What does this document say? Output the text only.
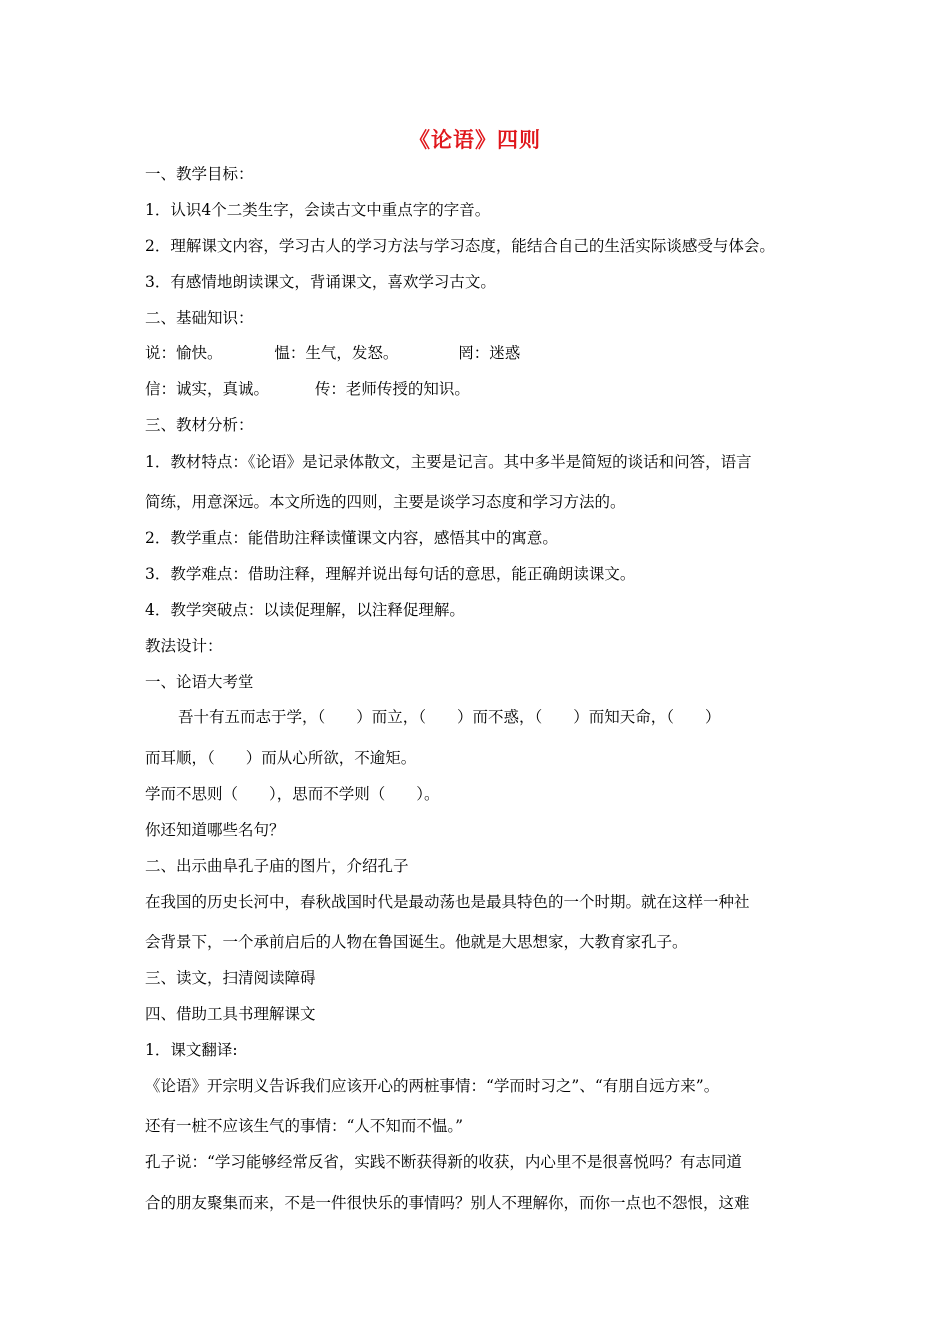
《论语》四则
一、教学目标：
1．认识4个二类生字，会读古文中重点字的字音。
2．理解课文内容，学习古人的学习方法与学习态度，能结合自己的生活实际谈感受与体会。
3．有感情地朗读课文，背诵课文，喜欢学习古文。
二、基础知识：
说：愉快。	愠：生气，发怒。	罔：迷惑
信：诚实，真诚。	传：老师传授的知识。
三、教材分析：
1．教材特点：《论语》是记录体散文，主要是记言。其中多半是简短的谈话和问答，语言
简练，用意深远。本文所选的四则，主要是谈学习态度和学习方法的。
2．教学重点：能借助注释读懂课文内容，感悟其中的寓意。
3．教学难点：借助注释，理解并说出每句话的意思，能正确朗读课文。
4．教学突破点：以读促理解，以注释促理解。
教法设计：
一、论语大考堂
吾十有五而志于学，（　　）而立，（　　）而不惑，（　　）而知天命，（　　）
而耳顺，（　　）而从心所欲，不逾矩。
学而不思则（　　），思而不学则（　　）。
你还知道哪些名句？
二、出示曲阜孔子庙的图片，介绍孔子
在我国的历史长河中，春秋战国时代是最动荡也是最具特色的一个时期。就在这样一种社
会背景下，一个承前启后的人物在鲁国诞生。他就是大思想家，大教育家孔子。
三、读文，扫清阅读障碍
四、借助工具书理解课文
1．课文翻译:
《论语》开宗明义告诉我们应该开心的两桩事情：“学而时习之”、“有朋自远方来”。
还有一桩不应该生气的事情：“人不知而不愠。”
孔子说：“学习能够经常反省，实践不断获得新的收获，内心里不是很喜悦吗？有志同道
合的朋友聚集而来，不是一件很快乐的事情吗？别人不理解你，而你一点也不怨恨，这难
